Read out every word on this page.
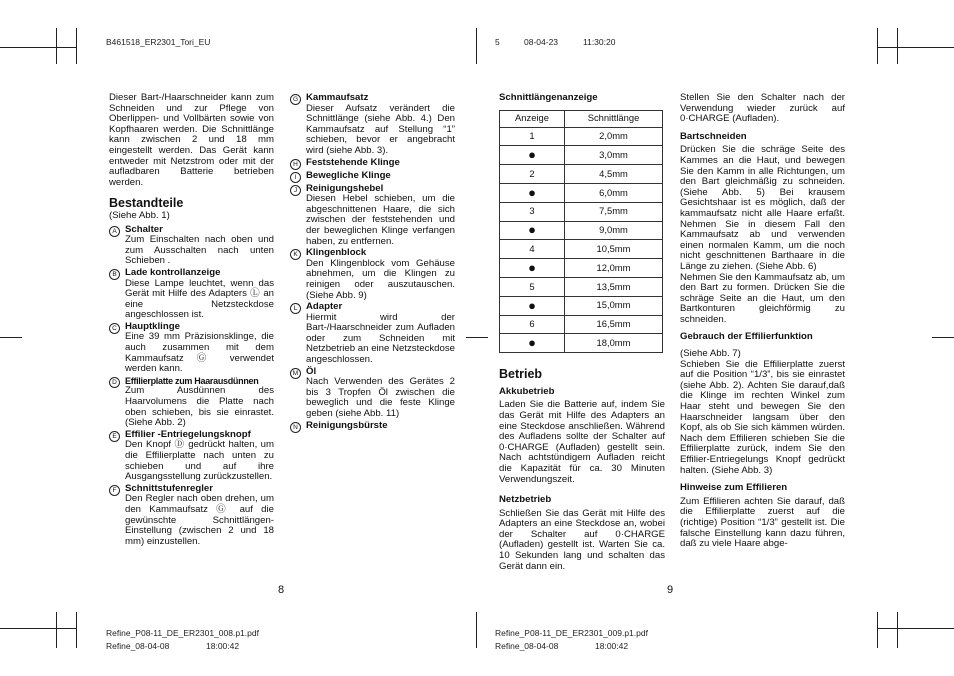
B461518_ER2301_Tori_EU	5	08-04-23	11:30:20
Refine_P08-11_DE_ER2301_008.p1.pdf
Refine_08-04-08	18:00:42
Refine_P08-11_DE_ER2301_009.p1.pdf
Refine_08-04-08	18:00:42
8	9

Dieser Bart-/Haarschneider kann zum Schneiden und zur Pflege von Oberlippen- und Vollbärten sowie von Kopfhaaren werden. Die Schnittlänge kann zwischen 2 und 18 mm eingestellt werden. Das Gerät kann entweder mit Netzstrom oder mit der aufladbaren Batterie betrieben werden.

Bestandteile
(Siehe Abb. 1)
A Schalter
Zum Einschalten nach oben und zum Ausschalten nach unten Schieben .
B Lade kontrollanzeige
Diese Lampe leuchtet, wenn das Gerät mit Hilfe des Adapters Ⓛ an eine Netzsteckdose angeschlossen ist.
C Hauptklinge
Eine 39 mm Präzisionsklinge, die auch zusammen mit dem Kammaufsatz Ⓖ verwendet werden kann.
D Effilierplatte zum Haarausdünnen
Zum Ausdünnen des Haarvolumens die Platte nach oben schieben, bis sie einrastet. (Siehe Abb. 2)
E Effilier -Entriegelungsknopf
Den Knopf Ⓓ gedrückt halten, um die Effilierplatte nach unten zu schieben und auf ihre Ausgangsstellung zurückzustellen.
F Schnittstufenregler
Den Regler nach oben drehen, um den Kammaufsatz Ⓖ auf die gewünschte Schnittlängen-Einstellung (zwischen 2 und 18 mm) einzustellen.
G Kammaufsatz
Dieser Aufsatz verändert die Schnittlänge (siehe Abb. 4.) Den Kammaufsatz auf Stellung “1” schieben, bevor er angebracht wird (siehe Abb. 3).
H Feststehende Klinge
I Bewegliche Klinge
J Reinigungshebel
Diesen Hebel schieben, um die abgeschnittenen Haare, die sich zwischen der feststehenden und der beweglichen Klinge verfangen haben, zu entfernen.
K Klingenblock
Den Klingenblock vom Gehäuse abnehmen, um die Klingen zu reinigen oder auszutauschen. (Siehe Abb. 9)
L Adapter
Hiermit wird der Bart-/Haarschneider zum Aufladen oder zum Schneiden mit Netzbetrieb an eine Netzsteckdose angeschlossen.
M Öl
Nach Verwenden des Gerätes 2 bis 3 Tropfen Öl zwischen die beweglich und die feste Klinge geben (siehe Abb. 11)
N Reinigungsbürste
Schnittlängenanzeige
Anzeige	Schnittlänge
1	2,0mm
●	3,0mm
2	4,5mm
●	6,0mm
3	7,5mm
●	9,0mm
4	10,5mm
●	12,0mm
5	13,5mm
●	15,0mm
6	16,5mm
●	18,0mm
Betrieb
Akkubetrieb

Laden Sie die Batterie auf, indem Sie das Gerät mit Hilfe des Adapters an eine Steckdose anschließen. Während des Aufladens sollte der Schalter auf 0·CHARGE (Aufladen) gestellt sein. Nach achtstündigem Aufladen reicht die Kapazität für ca. 30 Minuten Verwendungszeit.

Netzbetrieb

Schließen Sie das Gerät mit Hilfe des Adapters an eine Steckdose an, wobei der Schalter auf 0·CHARGE (Aufladen) gestellt ist. Warten Sie ca. 10 Sekunden lang und schalten das Gerät dann ein.

Stellen Sie den Schalter nach der Verwendung wieder zurück auf 0·CHARGE (Aufladen).

Bartschneiden

Drücken Sie die schräge Seite des Kammes an die Haut, und bewegen Sie den Kamm in alle Richtungen, um den Bart gleichmäßig zu schneiden. (Siehe Abb. 5) Bei krausem Gesichtshaar ist es möglich, daß der kammaufsatz nicht alle Haare erfaßt. Nehmen Sie in diesem Fall den Kammaufsatz ab und verwenden einen normalen Kamm, um die noch nicht geschnittenen Barthaare in die Länge zu ziehen. (Siehe Abb. 6)

Nehmen Sie den Kammaufsatz ab, um den Bart zu formen. Drücken Sie die schräge Seite an die Haut, um den Bartkonturen gleichförmig zu schneiden.

Gebrauch der Effilierfunktion
(Siehe Abb. 7)

Schieben Sie die Effilierplatte zuerst auf die Position “1/3”, bis sie einrastet (siehe Abb. 2). Achten Sie darauf,daß die Klinge im rechten Winkel zum Haar steht und bewegen Sie den Haarschneider langsam über den Kopf, als ob Sie sich kämmen würden. Nach dem Effilieren schieben Sie die Effilierplatte zurück, indem Sie den Effilier-Entriegelungs Knopf gedrückt halten. (Siehe Abb. 3)

Hinweise zum Effilieren

Zum Effilieren achten Sie darauf, daß die Effilierplatte zuerst auf die (richtige) Position “1/3” gestellt ist. Die falsche Einstellung kann dazu führen, daß zu viele Haare abge-
